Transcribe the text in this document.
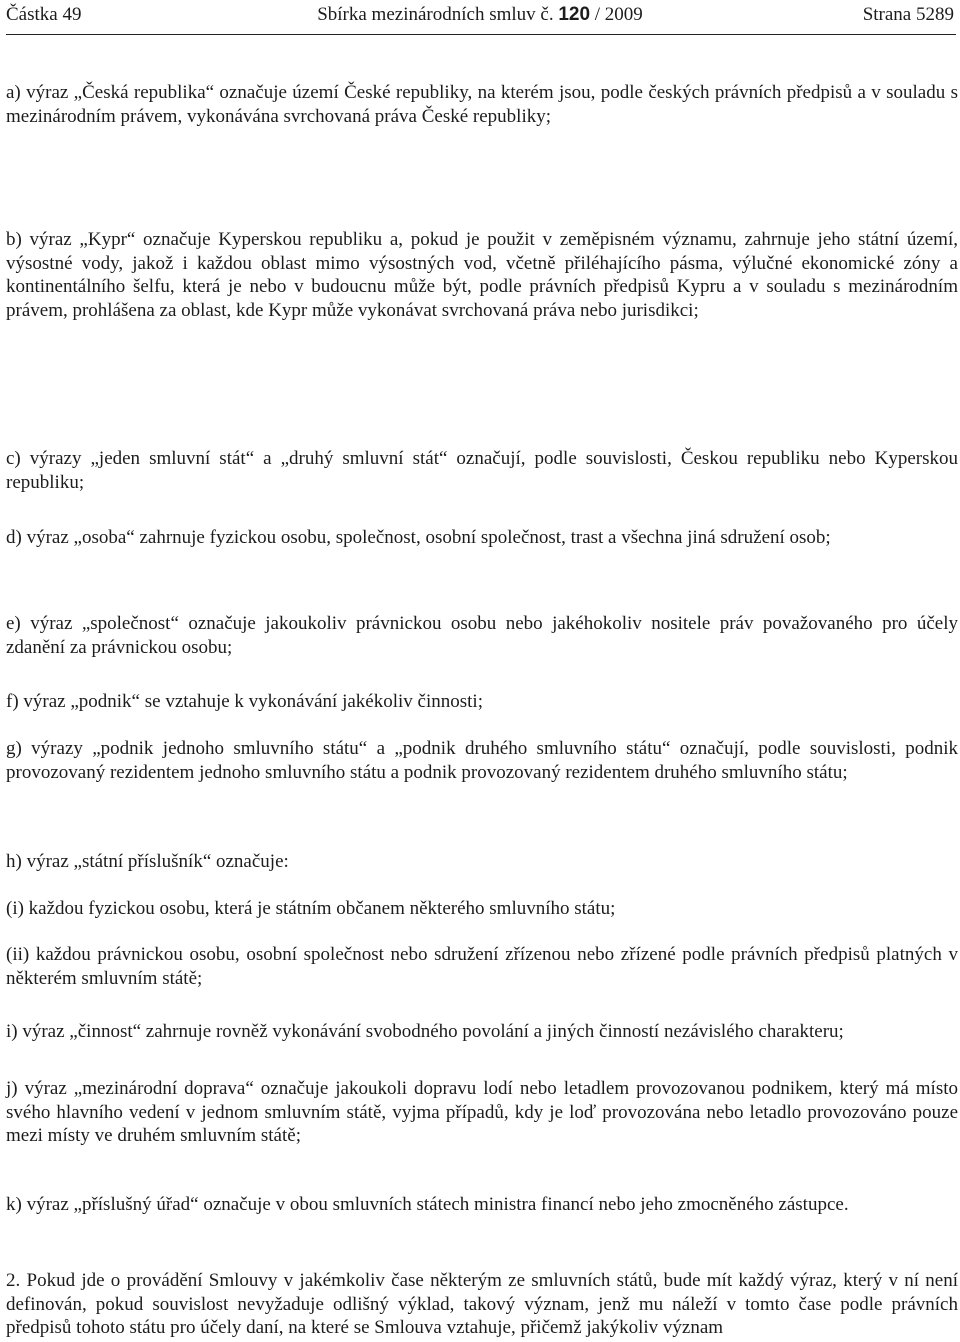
Částka 49	Sbírka mezinárodních smluv č. 120 / 2009	Strana 5289

a) výraz „Česká republika“ označuje území České republiky, na kterém jsou, podle českých právních předpisů a v souladu s mezinárodním právem, vykonávána svrchovaná práva České republiky;

b) výraz „Kypr“ označuje Kyperskou republiku a, pokud je použit v zeměpisném významu, zahrnuje jeho státní území, výsostné vody, jakož i každou oblast mimo výsostných vod, včetně přiléhajícího pásma, výlučné ekonomické zóny a kontinentálního šelfu, která je nebo v budoucnu může být, podle právních předpisů Kypru a v souladu s mezinárodním právem, prohlášena za oblast, kde Kypr může vykonávat svrchovaná práva nebo jurisdikci;

c) výrazy „jeden smluvní stát“ a „druhý smluvní stát“ označují, podle souvislosti, Českou republiku nebo Kyperskou republiku;

d) výraz „osoba“ zahrnuje fyzickou osobu, společnost, osobní společnost, trast a všechna jiná sdružení osob;

e) výraz „společnost“ označuje jakoukoliv právnickou osobu nebo jakéhokoliv nositele práv považovaného pro účely zdanění za právnickou osobu;

f) výraz „podnik“ se vztahuje k vykonávání jakékoliv činnosti;

g) výrazy „podnik jednoho smluvního státu“ a „podnik druhého smluvního státu“ označují, podle souvislosti, podnik provozovaný rezidentem jednoho smluvního státu a podnik provozovaný rezidentem druhého smluvního státu;

h) výraz „státní příslušník“ označuje:

(i) každou fyzickou osobu, která je státním občanem některého smluvního státu;

(ii) každou právnickou osobu, osobní společnost nebo sdružení zřízenou nebo zřízené podle právních předpisů platných v některém smluvním státě;

i) výraz „činnost“ zahrnuje rovněž vykonávání svobodného povolání a jiných činností nezávislého charakteru;

j) výraz „mezinárodní doprava“ označuje jakoukoli dopravu lodí nebo letadlem provozovanou podnikem, který má místo svého hlavního vedení v jednom smluvním státě, vyjma případů, kdy je loď provozována nebo letadlo provozováno pouze mezi místy ve druhém smluvním státě;

k) výraz „příslušný úřad“ označuje v obou smluvních státech ministra financí nebo jeho zmocněného zástupce.

2. Pokud jde o provádění Smlouvy v jakémkoliv čase některým ze smluvních států, bude mít každý výraz, který v ní není definován, pokud souvislost nevyžaduje odlišný výklad, takový význam, jenž mu náleží v tomto čase podle právních předpisů tohoto státu pro účely daní, na které se Smlouva vztahuje, přičemž jakýkoliv význam
